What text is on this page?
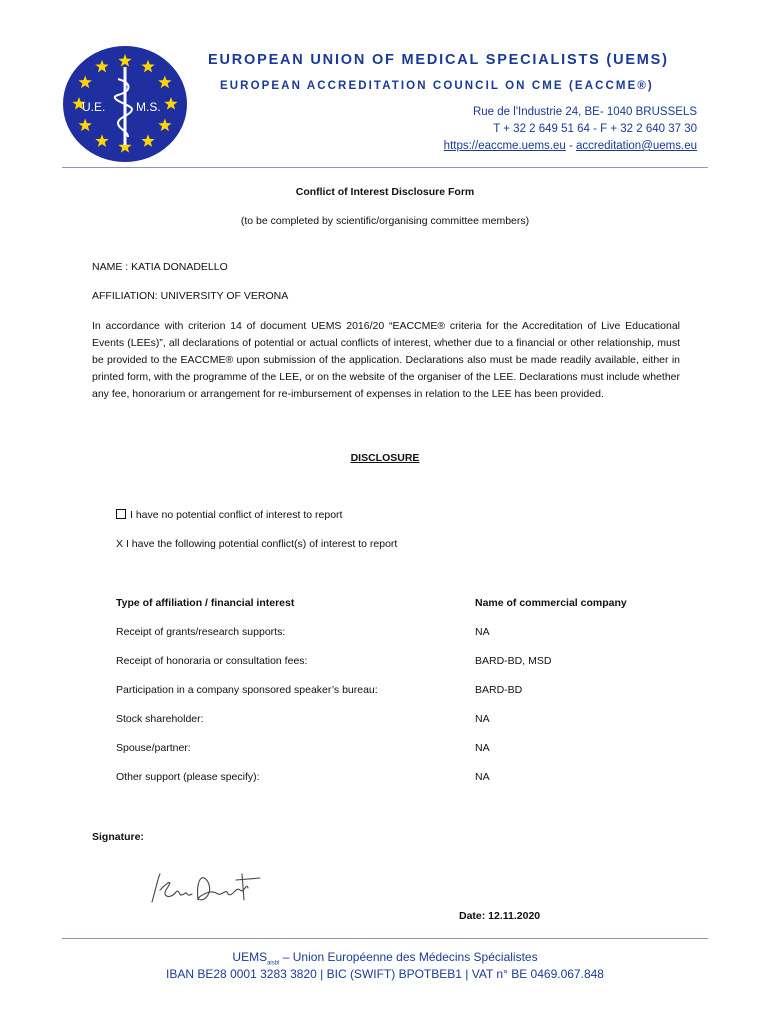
U.E.	M.S.
EUROPEAN UNION OF MEDICAL SPECIALISTS (UEMS)
EUROPEAN ACCREDITATION COUNCIL ON CME (EACCME®)
Rue de l'Industrie 24, BE- 1040 BRUSSELS
T + 32 2 649 51 64 - F + 32 2 640 37 30
https://eaccme.uems.eu - accreditation@uems.eu
Conflict of Interest Disclosure Form
(to be completed by scientific/organising committee members)
NAME : KATIA DONADELLO
AFFILIATION: UNIVERSITY OF VERONA
In accordance with criterion 14 of document UEMS 2016/20 “EACCME® criteria for the Accreditation of Live Educational Events (LEEs)”, all declarations of potential or actual conflicts of interest, whether due to a financial or other relationship, must be provided to the EACCME® upon submission of the application. Declarations also must be made readily available, either in printed form, with the programme of the LEE, or on the website of the organiser of the LEE. Declarations must include whether any fee, honorarium or arrangement for re-imbursement of expenses in relation to the LEE has been provided.
DISCLOSURE
I have no potential conflict of interest to report
X I have the following potential conflict(s) of interest to report
Type of affiliation / financial interest	Name of commercial company
Receipt of grants/research supports:	NA
Receipt of honoraria or consultation fees:	BARD-BD, MSD
Participation in a company sponsored speaker’s bureau:	BARD-BD
Stock shareholder:	NA
Spouse/partner:	NA
Other support (please specify):	NA
Signature:
Date: 12.11.2020
$UEMS_{aisbl}$ – Union Européenne des Médecins Spécialistes
IBAN BE28 0001 3283 3820 | BIC (SWIFT) BPOTBEB1 | VAT n° BE 0469.067.848
